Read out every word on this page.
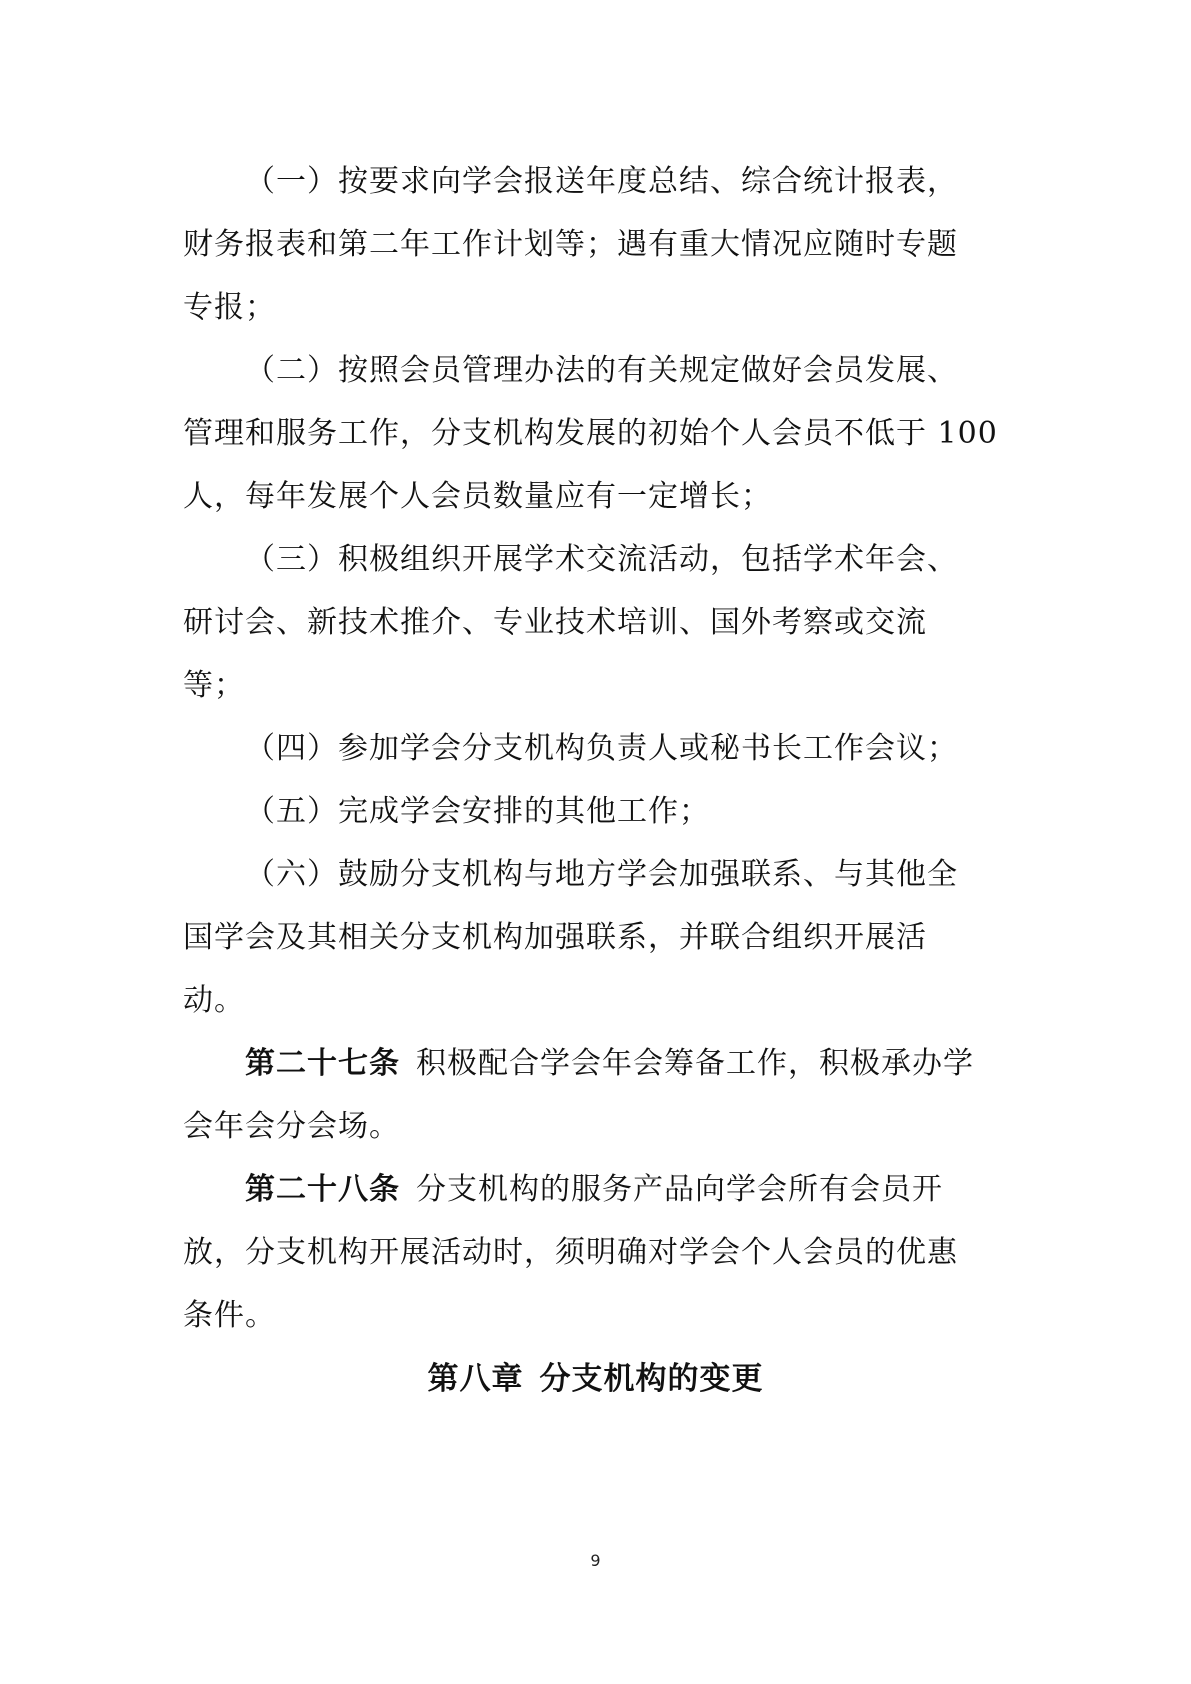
（一）按要求向学会报送年度总结、综合统计报表，
财务报表和第二年工作计划等；遇有重大情况应随时专题
专报；

（二）按照会员管理办法的有关规定做好会员发展、
管理和服务工作，分支机构发展的初始个人会员不低于 100
人，每年发展个人会员数量应有一定增长；

（三）积极组织开展学术交流活动，包括学术年会、
研讨会、新技术推介、专业技术培训、国外考察或交流
等；

（四）参加学会分支机构负责人或秘书长工作会议；

（五）完成学会安排的其他工作；

（六）鼓励分支机构与地方学会加强联系、与其他全
国学会及其相关分支机构加强联系，并联合组织开展活
动。

第二十七条 积极配合学会年会筹备工作，积极承办学
会年会分会场。

第二十八条 分支机构的服务产品向学会所有会员开
放，分支机构开展活动时，须明确对学会个人会员的优惠
条件。

第八章 分支机构的变更
9
